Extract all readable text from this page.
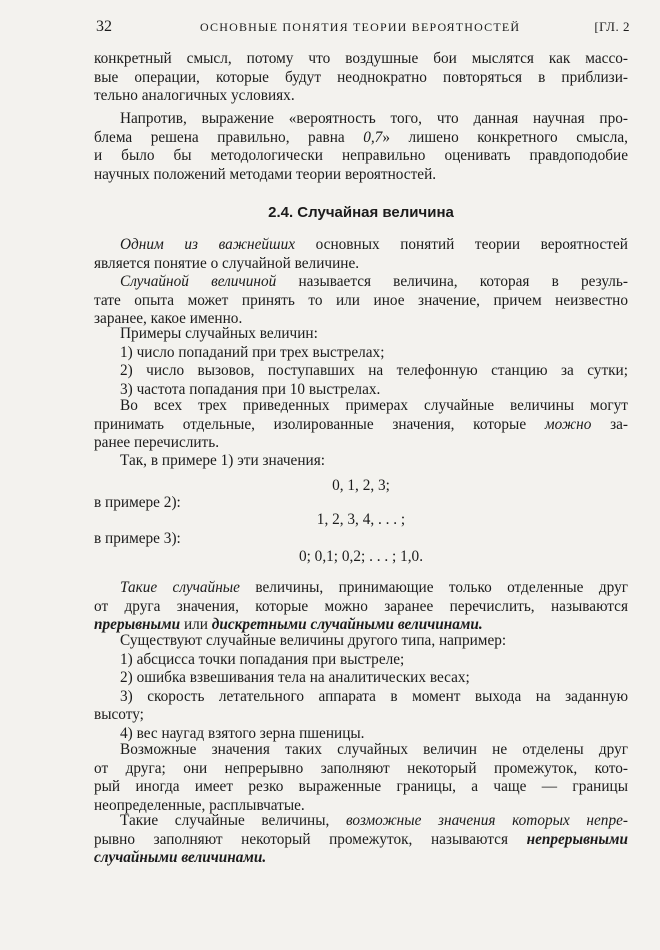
32	ОСНОВНЫЕ ПОНЯТИЯ ТЕОРИИ ВЕРОЯТНОСТЕЙ	[ГЛ. 2
конкретный смысл, потому что воздушные бои мыслятся как массо-
вые операции, которые будут неоднократно повторяться в приблизи-
тельно аналогичных условиях.
Напротив, выражение «вероятность того, что данная научная про-
блема решена правильно, равна 0,7» лишено конкретного смысла,
и было бы методологически неправильно оценивать правдоподобие
научных положений методами теории вероятностей.
2.4. Случайная величина
Одним из важнейших основных понятий теории вероятностей
является понятие о случайной величине.
Случайной величиной называется величина, которая в резуль-
тате опыта может принять то или иное значение, причем неизвестно
заранее, какое именно.
Примеры случайных величин:
1) число попаданий при трех выстрелах;
2) число вызовов, поступавших на телефонную станцию за сутки;
3) частота попадания при 10 выстрелах.
Во всех трех приведенных примерах случайные величины могут
принимать отдельные, изолированные значения, которые можно за-
ранее перечислить.
Так, в примере 1) эти значения:
0, 1, 2, 3;
в примере 2):
1, 2, 3, 4, . . . ;
в примере 3):
0; 0,1; 0,2; . . . ; 1,0.
Такие случайные величины, принимающие только отделенные друг
от друга значения, которые можно заранее перечислить, называются
прерывными или дискретными случайными величинами.
Существуют случайные величины другого типа, например:
1) абсцисса точки попадания при выстреле;
2) ошибка взвешивания тела на аналитических весах;
3) скорость летательного аппарата в момент выхода на заданную
высоту;
4) вес наугад взятого зерна пшеницы.
Возможные значения таких случайных величин не отделены друг
от друга; они непрерывно заполняют некоторый промежуток, кото-
рый иногда имеет резко выраженные границы, а чаще — границы
неопределенные, расплывчатые.
Такие случайные величины, возможные значения которых непре-
рывно заполняют некоторый промежуток, называются непрерывными
случайными величинами.
